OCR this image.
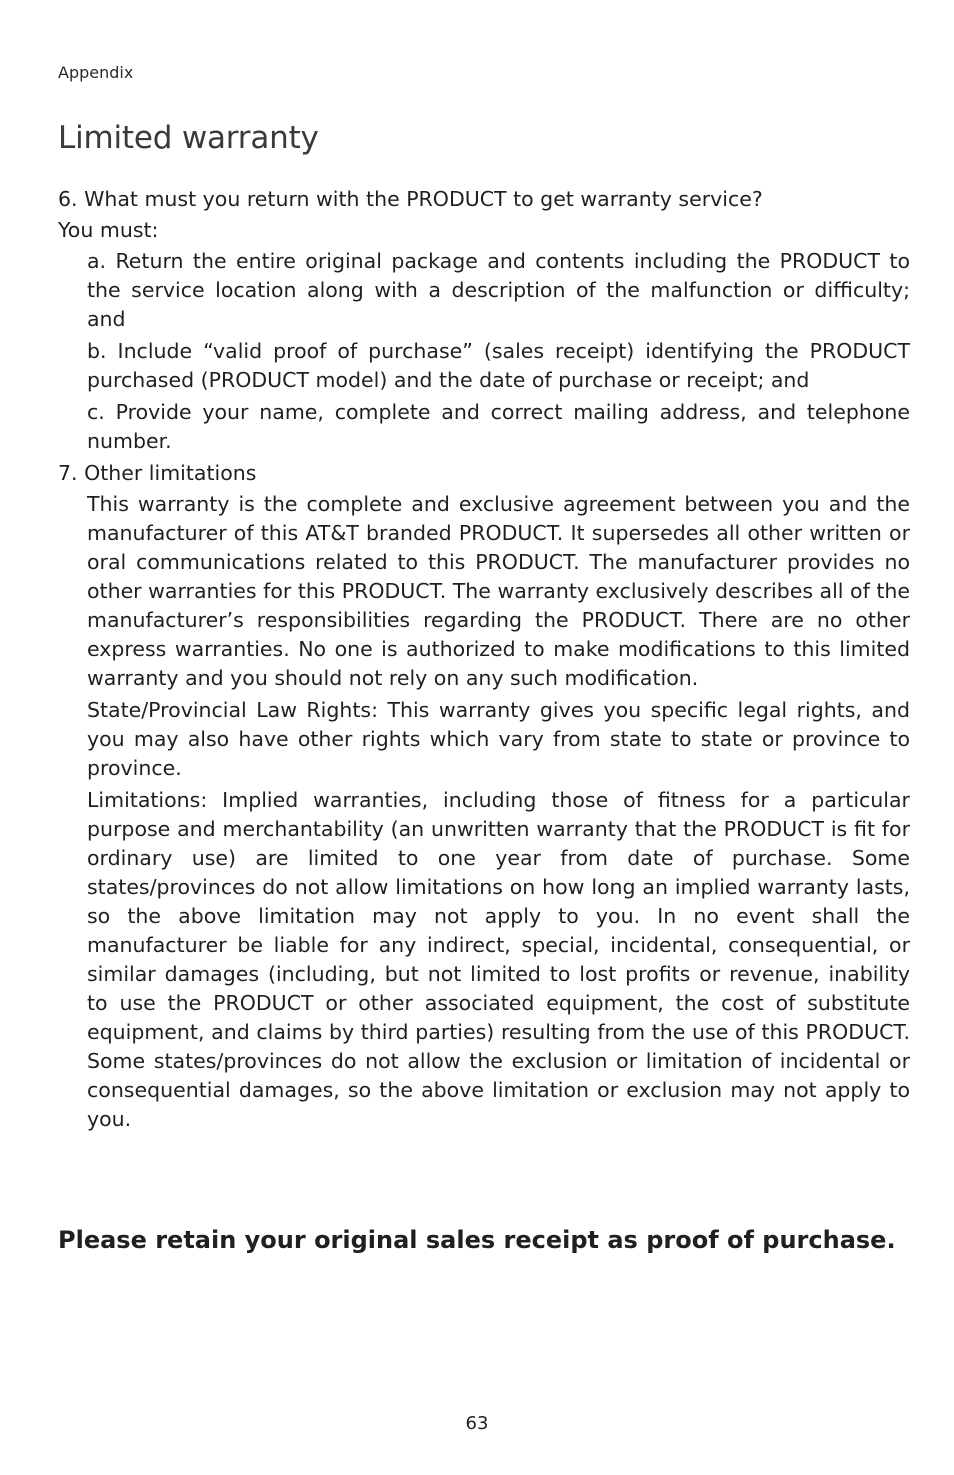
Appendix
Limited warranty

6. What must you return with the PRODUCT to get warranty service?

You must:

a. Return the entire original package and contents including the PRODUCT to the service location along with a description of the malfunction or difficulty; and

b. Include “valid proof of purchase” (sales receipt) identifying the PRODUCT purchased (PRODUCT model) and the date of purchase or receipt; and

c. Provide your name, complete and correct mailing address, and telephone number.

7. Other limitations

This warranty is the complete and exclusive agreement between you and the manufacturer of this AT&T branded PRODUCT. It supersedes all other written or oral communications related to this PRODUCT. The manufacturer provides no other warranties for this PRODUCT. The warranty exclusively describes all of the manufacturer’s responsibilities regarding the PRODUCT. There are no other express warranties. No one is authorized to make modifications to this limited warranty and you should not rely on any such modification.

State/Provincial Law Rights: This warranty gives you specific legal rights, and you may also have other rights which vary from state to state or province to province.

Limitations: Implied warranties, including those of fitness for a particular purpose and merchantability (an unwritten warranty that the PRODUCT is fit for ordinary use) are limited to one year from date of purchase. Some states/provinces do not allow limitations on how long an implied warranty lasts, so the above limitation may not apply to you. In no event shall the manufacturer be liable for any indirect, special, incidental, consequential, or similar damages (including, but not limited to lost profits or revenue, inability to use the PRODUCT or other associated equipment, the cost of substitute equipment, and claims by third parties) resulting from the use of this PRODUCT. Some states/provinces do not allow the exclusion or limitation of incidental or consequential damages, so the above limitation or exclusion may not apply to you.

Please retain your original sales receipt as proof of purchase.

63
